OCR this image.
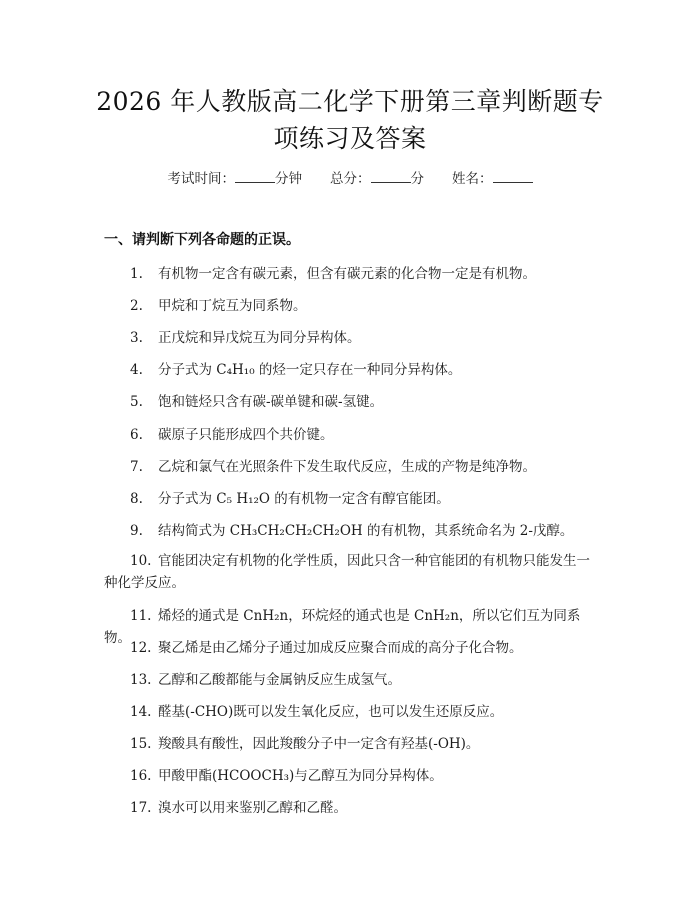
2026 年人教版高二化学下册第三章判断题专
项练习及答案
考试时间：	分钟 总分：	分 姓名：
一、请判断下列各命题的正误。

1. 有机物一定含有碳元素，但含有碳元素的化合物一定是有机物。

2. 甲烷和丁烷互为同系物。

3. 正戊烷和异戊烷互为同分异构体。

4. 分子式为 C₄H₁₀ 的烃一定只存在一种同分异构体。

5. 饱和链烃只含有碳-碳单键和碳-氢键。

6. 碳原子只能形成四个共价键。

7. 乙烷和氯气在光照条件下发生取代反应，生成的产物是纯净物。

8. 分子式为 C₅ H₁₂O 的有机物一定含有醇官能团。

9. 结构简式为 CH₃CH₂CH₂CH₂OH 的有机物，其系统命名为 2-戊醇。

10. 官能团决定有机物的化学性质，因此只含一种官能团的有机物只能发生一种化学反应。

11. 烯烃的通式是 CnH₂n，环烷烃的通式也是 CnH₂n，所以它们互为同系物。

12. 聚乙烯是由乙烯分子通过加成反应聚合而成的高分子化合物。

13. 乙醇和乙酸都能与金属钠反应生成氢气。

14. 醛基(-CHO)既可以发生氧化反应，也可以发生还原反应。

15. 羧酸具有酸性，因此羧酸分子中一定含有羟基(-OH)。

16. 甲酸甲酯(HCOOCH₃)与乙醇互为同分异构体。

17. 溴水可以用来鉴别乙醇和乙醛。
